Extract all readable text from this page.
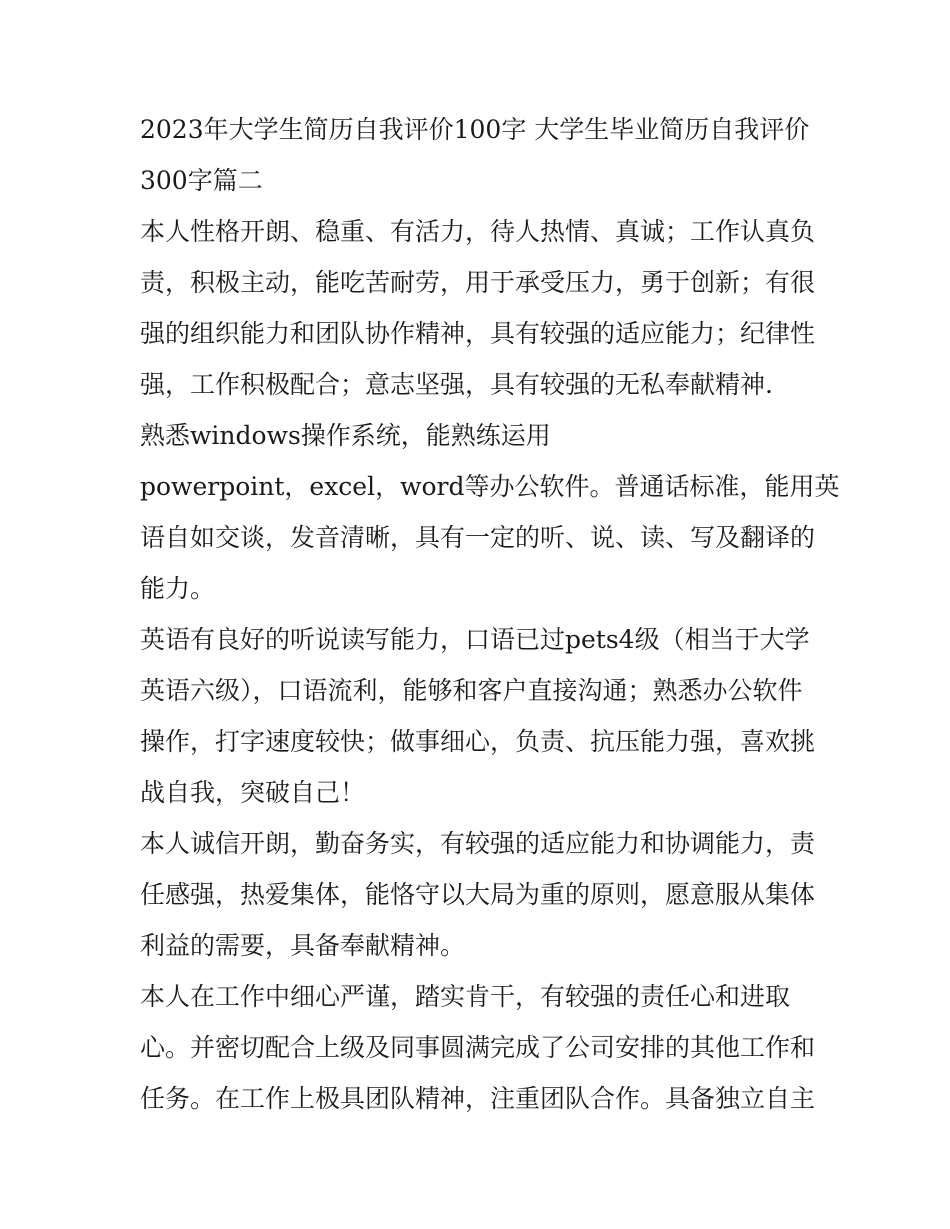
2023年大学生简历自我评价100字 大学生毕业简历自我评价
300字篇二
本人性格开朗、稳重、有活力，待人热情、真诚；工作认真负
责，积极主动，能吃苦耐劳，用于承受压力，勇于创新；有很
强的组织能力和团队协作精神，具有较强的适应能力；纪律性
强，工作积极配合；意志坚强，具有较强的无私奉献精神.
熟悉windows操作系统，能熟练运用
powerpoint，excel，word等办公软件。普通话标准，能用英
语自如交谈，发音清晰，具有一定的听、说、读、写及翻译的
能力。
英语有良好的听说读写能力，口语已过pets4级（相当于大学
英语六级），口语流利，能够和客户直接沟通；熟悉办公软件
操作，打字速度较快；做事细心，负责、抗压能力强，喜欢挑
战自我，突破自己！
本人诚信开朗，勤奋务实，有较强的适应能力和协调能力，责
任感强，热爱集体，能恪守以大局为重的原则，愿意服从集体
利益的需要，具备奉献精神。
本人在工作中细心严谨，踏实肯干，有较强的责任心和进取
心。并密切配合上级及同事圆满完成了公司安排的其他工作和
任务。在工作上极具团队精神，注重团队合作。具备独立自主
